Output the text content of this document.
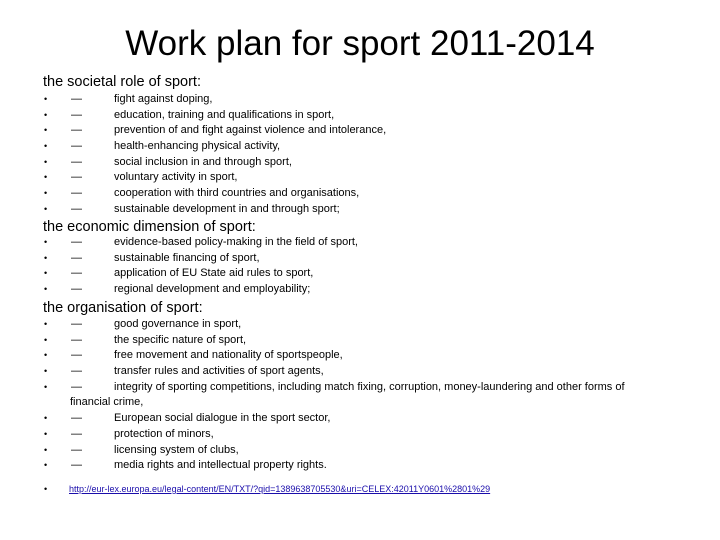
Work plan for sport 2011-2014
the societal role of sport:
• —	fight against doping,
• —	education, training and qualifications in sport,
• —	prevention of and fight against violence and intolerance,
• —	health-enhancing physical activity,
• —	social inclusion in and through sport,
• —	voluntary activity in sport,
• —	cooperation with third countries and organisations,
• —	sustainable development in and through sport;
the economic dimension of sport:
• —	evidence-based policy-making in the field of sport,
• —	sustainable financing of sport,
• —	application of EU State aid rules to sport,
• —	regional development and employability;
the organisation of sport:
• —	good governance in sport,
• —	the specific nature of sport,
• —	free movement and nationality of sportspeople,
• —	transfer rules and activities of sport agents,
• —	integrity of sporting competitions, including match fixing, corruption, money-laundering and other forms of
financial crime,
• —	European social dialogue in the sport sector,
• —	protection of minors,
• —	licensing system of clubs,
• —	media rights and intellectual property rights.
• http://eur-lex.europa.eu/legal-content/EN/TXT/?qid=1389638705530&uri=CELEX:42011Y0601%2801%29
